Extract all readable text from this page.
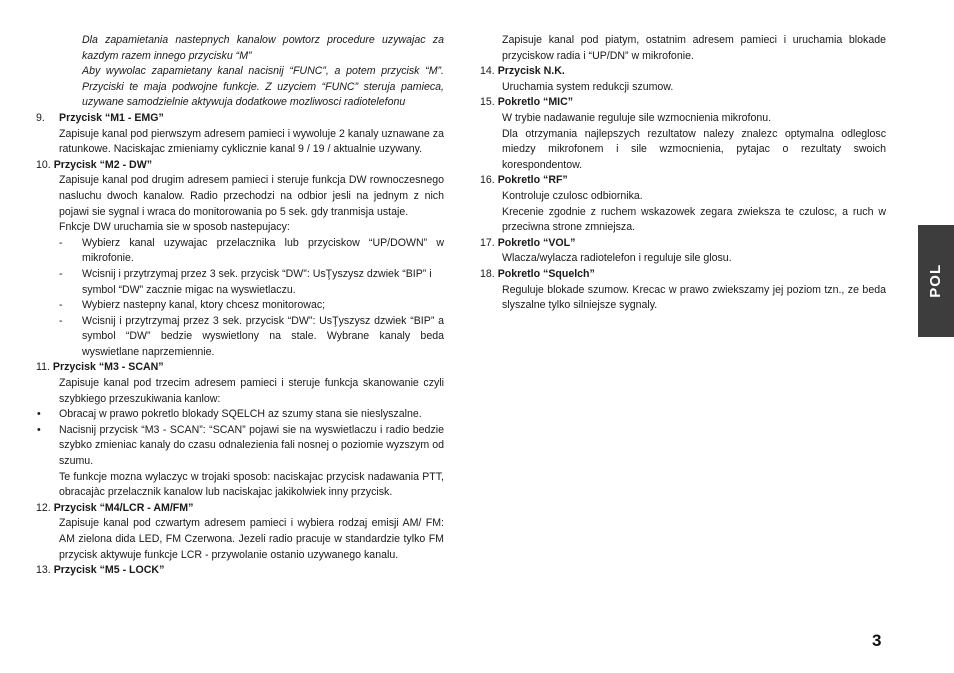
Dla zapamietania nastepnych kanalow powtorz procedure uzywajac za kazdym razem innego przycisku “M”

Aby wywolac zapamietany kanal nacisnij “FUNC”, a potem przycisk “M”. Przyciski te maja podwojne funkcje. Z uzyciem “FUNC” steruja pamieca, uzywane samodzielnie aktywuja dodatkowe mozliwosci radiotelefonu

9.	Przycisk “M1 - EMG”

Zapisuje kanal pod pierwszym adresem pamieci i wywoluje 2 kanaly uznawane za ratunkowe. Naciskajac zmieniamy cyklicznie kanal 9 / 19 / aktualnie uzywany.

10.
Przycisk “M2 - DW”

Zapisuje kanal pod drugim adresem pamieci i steruje funkcja DW rownoczesnego nasluchu dwoch kanalow. Radio przechodzi na odbior jesli na jednym z nich pojawi sie sygnal i wraca do monitorowania po 5 sek. gdy tranmisja ustaje.

Fnkcje DW uruchamia sie w sposob nastepujacy:

-	Wybierz kanal uzywajac przelacznika lub przyciskow “UP/DOWN” w mikrofonie.
-	Wcisnij i przytrzymaj przez 3 sek. przycisk “DW”: UsŢyszysz dzwiek “BIP” i symbol “DW” zacznie migac na wyswietlaczu.
-	Wybierz nastepny kanal, ktory chcesz monitorowac;
-	Wcisnij i przytrzymaj przez 3 sek. przycisk “DW”: UsŢyszysz dzwiek “BIP” a symbol “DW” bedzie wyswietlony na stale. Wybrane kanaly beda wyswietlane naprzemiennie.
11.
Przycisk “M3 - SCAN”

Zapisuje kanal pod trzecim adresem pamieci i steruje funkcja skanowanie czyli szybkiego przeszukiwania kanlow:

•	Obracaj w prawo pokretlo blokady SQELCH az szumy stana sie nieslyszalne.
•	Nacisnij przycisk “M3 - SCAN”: “SCAN” pojawi sie na wyswietlaczu i radio bedzie szybko zmieniac kanaly do czasu odnalezienia fali nosnej o poziomie wyzszym od szumu.

Te funkcje mozna wylaczyc w trojaki sposob: naciskajac przycisk nadawania PTT, obracajàc przelacznik kanalow lub naciskajac jakikolwiek inny przycisk.

12.
Przycisk “M4/LCR - AM/FM”

Zapisuje kanal pod czwartym adresem pamieci i wybiera rodzaj emisji AM/ FM: AM zielona dida LED, FM Czerwona. Jezeli radio pracuje w standardzie tylko FM przycisk aktywuje funkcje LCR - przywolanie ostanio uzywanego kanalu.

13.
Przycisk “M5 - LOCK”

Zapisuje kanal pod piatym, ostatnim adresem pamieci i uruchamia blokade przyciskow radia i “UP/DN” w mikrofonie.

14.
Przycisk N.K.

Uruchamia system redukcji szumow.

15.
Pokretlo “MIC”

W trybie nadawanie reguluje sile wzmocnienia mikrofonu.

Dla otrzymania najlepszych rezultatow nalezy znalezc optymalna odleglosc miedzy mikrofonem i sile wzmocnienia, pytajac o rezultaty swoich korespondentow.

16.
Pokretlo “RF”

Kontroluje czulosc odbiornika.

Krecenie zgodnie z ruchem wskazowek zegara zwieksza te czulosc, a ruch w przeciwna strone zmniejsza.

17.
Pokretlo “VOL”

Wlacza/wylacza radiotelefon i reguluje sile glosu.

18.
Pokretlo “Squelch”

Reguluje blokade szumow. Krecac w prawo zwiekszamy jej poziom tzn., ze beda slyszalne tylko silniejsze sygnaly.

POL
3
